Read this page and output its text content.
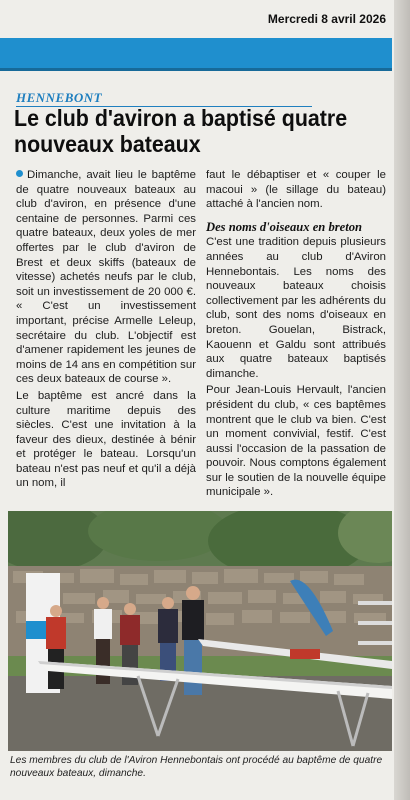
Mercredi 8 avril 2026
HENNEBONT
Le club d'aviron a baptisé quatre nouveaux bateaux

Dimanche, avait lieu le baptême de quatre nouveaux bateaux au club d'aviron, en présence d'une centaine de personnes. Parmi ces quatre bateaux, deux yoles de mer offertes par le club d'aviron de Brest et deux skiffs (bateaux de vitesse) achetés neufs par le club, soit un investissement de 20 000 €. « C'est un investissement important, précise Armelle Leleup, secrétaire du club. L'objectif est d'amener rapidement les jeunes de moins de 14 ans en compétition sur ces deux bateaux de course ».

Le baptême est ancré dans la culture maritime depuis des siècles. C'est une invitation à la faveur des dieux, destinée à bénir et protéger le bateau. Lorsqu'un bateau n'est pas neuf et qu'il a déjà un nom, il

faut le débaptiser et « couper le macoui » (le sillage du bateau) attaché à l'ancien nom.

Des noms d'oiseaux en breton

C'est une tradition depuis plusieurs années au club d'Aviron Hennebontais. Les noms des nouveaux bateaux choisis collectivement par les adhérents du club, sont des noms d'oiseaux en breton. Gouelan, Bistrack, Kaouenn et Galdu sont attribués aux quatre bateaux baptisés dimanche.

Pour Jean-Louis Hervault, l'ancien président du club, « ces baptêmes montrent que le club va bien. C'est un moment convivial, festif. C'est aussi l'occasion de la passation de pouvoir. Nous comptons également sur le soutien de la nouvelle équipe municipale ».

Les membres du club de l'Aviron Hennebontais ont procédé au baptême de quatre nouveaux bateaux, dimanche.
